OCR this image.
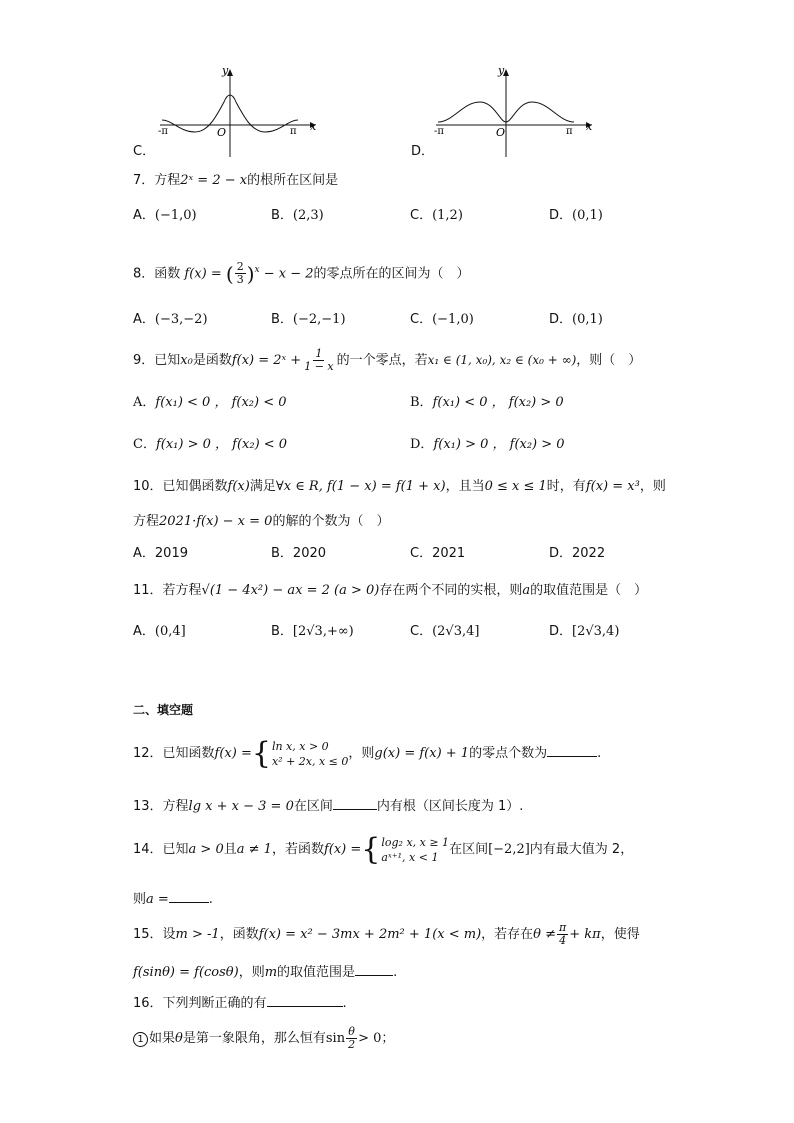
y
x
O
-π	π
C．
y
x
O
-π	π
D．
7．方程2ˣ = 2 − x的根所在区间是
A．(−1,0)	B．(2,3)	C．(1,2)	D．(0,1)
8．函数 f(x) = ( $\frac{2}{3} )^x - x - 2$的零点所在的区间为（　）
A．(−3,−2)	B．(−2,−1)	C．(−1,0)	D．(0,1)
9．已知x₀是函数f(x) = 2ˣ + $\frac{1}{1 - x}$ 的一个零点，若x₁ ∈ (1, x₀), x₂ ∈ (x₀ + ∞)，则（　）
A．f(x₁) < 0 ， f(x₂) < 0	B．f(x₁) < 0 ， f(x₂) > 0
C．f(x₁) > 0 ， f(x₂) < 0	D．f(x₁) > 0 ， f(x₂) > 0
10．已知偶函数f(x)满足∀x ∈ R, f(1 − x) = f(1 + x)，且当0 ≤ x ≤ 1时，有f(x) = x³，则
方程2021·f(x) − x = 0的解的个数为（　）
A．2019	B．2020	C．2021	D．2022
11．若方程√(1 − 4x²) − ax = 2 (a > 0)存在两个不同的实根，则a的取值范围是（　）
A．(0,4]	B．[2√3,+∞)	C．(2√3,4]	D．[2√3,4)
二、填空题
12．已知函数f(x) ={ ln x, x > 0
x² + 2x, x ≤ 0 ，则g(x) = f(x) + 1的零点个数为	.
13．方程lg x + x − 3 = 0在区间	内有根（区间长度为 1）.
14．已知a > 0且a ≠ 1，若函数f(x) ={ log₂ x, x ≥ 1
aˣ⁺¹, x < 1 在区间[−2,2]内有最大值为 2，
则a =	.
15．设m > -1，函数f(x) = x² − 3mx + 2m² + 1(x < m)，若存在$\theta \ne \frac{\pi}{4} + k\pi$，使得
f(sinθ) = f(cosθ)，则m的取值范围是	.
16．下列判断正确的有	.
1 如果θ是第一象限角，那么恒有$\sin \frac{\theta}{2} > 0$；
